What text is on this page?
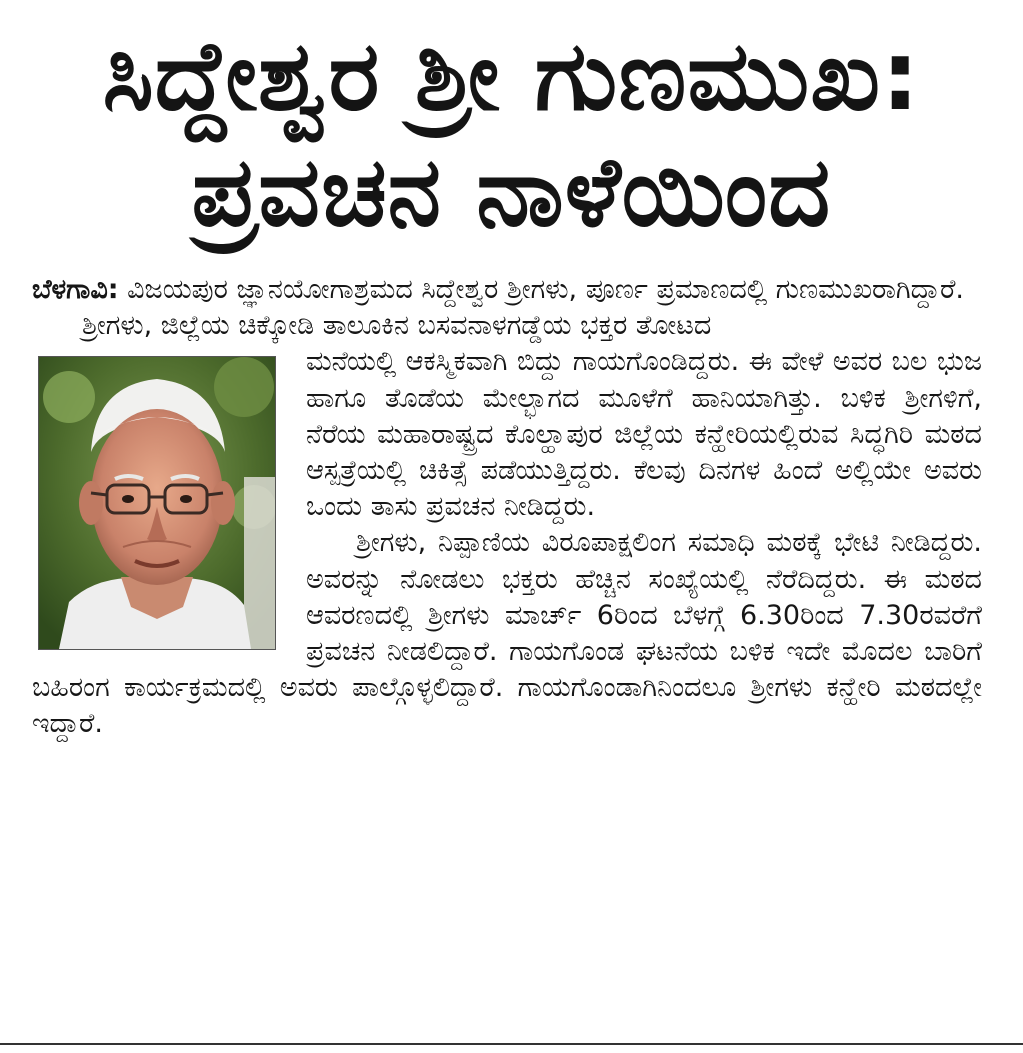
ಸಿದ್ದೇಶ್ವರ ಶ್ರೀ ಗುಣಮುಖ:
ಪ್ರವಚನ ನಾಳೆಯಿಂದ

ಬೆಳಗಾವಿ: ವಿಜಯಪುರ ಜ್ಞಾನಯೋಗಾಶ್ರಮದ ಸಿದ್ದೇಶ್ವರ ಶ್ರೀಗಳು, ಪೂರ್ಣ ಪ್ರಮಾಣದಲ್ಲಿ ಗುಣಮುಖರಾಗಿದ್ದಾರೆ.

ಶ್ರೀಗಳು, ಜಿಲ್ಲೆಯ ಚಿಕ್ಕೋಡಿ ತಾಲೂಕಿನ ಬಸವನಾಳಗಡ್ಡೆಯ ಭಕ್ತರ ತೋಟದ

ಮನೆಯಲ್ಲಿ ಆಕಸ್ಮಿಕವಾಗಿ ಬಿದ್ದು ಗಾಯಗೊಂಡಿದ್ದರು. ಈ ವೇಳೆ ಅವರ ಬಲ ಭುಜ ಹಾಗೂ ತೊಡೆಯ ಮೇಲ್ಭಾಗದ ಮೂಳೆಗೆ ಹಾನಿಯಾಗಿತ್ತು. ಬಳಿಕ ಶ್ರೀಗಳಿಗೆ, ನೆರೆಯ ಮಹಾರಾಷ್ಟ್ರದ ಕೊಲ್ಹಾಪುರ ಜಿಲ್ಲೆಯ ಕನ್ಹೇರಿಯಲ್ಲಿರುವ ಸಿದ್ಧಗಿರಿ ಮಠದ ಆಸ್ಪತ್ರೆಯಲ್ಲಿ ಚಿಕಿತ್ಸೆ ಪಡೆಯುತ್ತಿದ್ದರು. ಕೆಲವು ದಿನಗಳ ಹಿಂದೆ ಅಲ್ಲಿಯೇ ಅವರು ಒಂದು ತಾಸು ಪ್ರವಚನ ನೀಡಿದ್ದರು.

ಶ್ರೀಗಳು, ನಿಪ್ಪಾಣಿಯ ವಿರೂಪಾಕ್ಷಲಿಂಗ ಸಮಾಧಿ ಮಠಕ್ಕೆ ಭೇಟಿ ನೀಡಿದ್ದರು. ಅವರನ್ನು ನೋಡಲು ಭಕ್ತರು ಹೆಚ್ಚಿನ ಸಂಖ್ಯೆಯಲ್ಲಿ ನೆರೆದಿದ್ದರು. ಈ ಮಠದ ಆವರಣದಲ್ಲಿ ಶ್ರೀಗಳು ಮಾರ್ಚ್ 6ರಿಂದ ಬೆಳಗ್ಗೆ 6.30ರಿಂದ 7.30ರವರೆಗೆ ಪ್ರವಚನ ನೀಡಲಿದ್ದಾರೆ. ಗಾಯಗೊಂಡ ಘಟನೆಯ ಬಳಿಕ ಇದೇ ಮೊದಲ ಬಾರಿಗೆ ಬಹಿರಂಗ ಕಾರ್ಯಕ್ರಮದಲ್ಲಿ ಅವರು ಪಾಲ್ಗೊಳ್ಳಲಿದ್ದಾರೆ. ಗಾಯಗೊಂಡಾಗಿನಿಂದಲೂ ಶ್ರೀಗಳು ಕನ್ಹೇರಿ ಮಠದಲ್ಲೇ ಇದ್ದಾರೆ.
